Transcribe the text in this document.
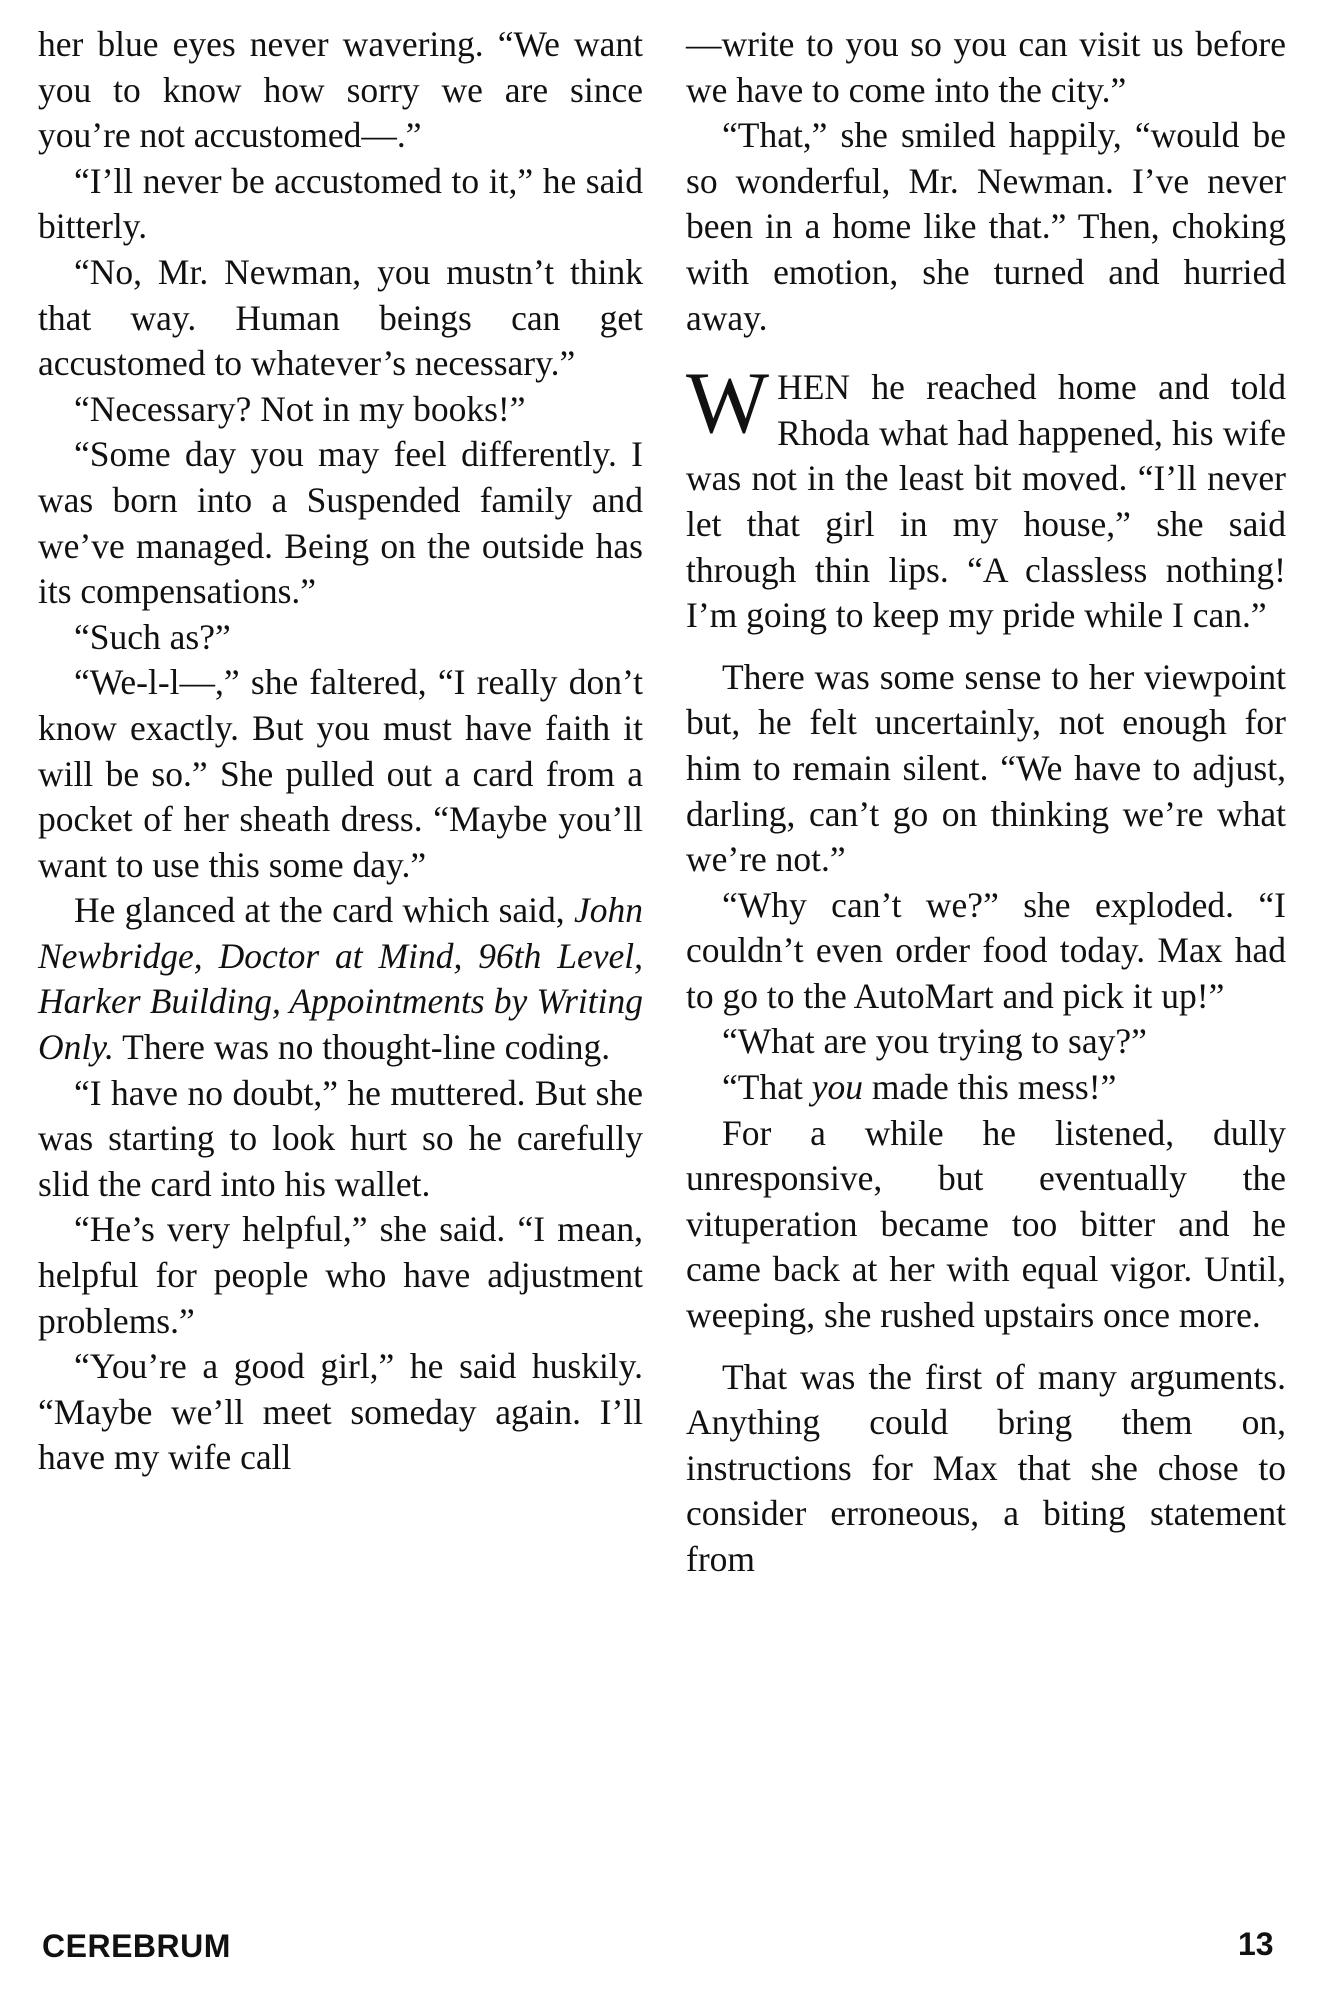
her blue eyes never wavering. “We want you to know how sorry we are since you’re not accustomed—.”

“I’ll never be accustomed to it,” he said bitterly.

“No, Mr. Newman, you mustn’t think that way. Human beings can get accustomed to whatever’s necessary.”

“Necessary? Not in my books!”

“Some day you may feel differently. I was born into a Suspended family and we’ve managed. Being on the outside has its compensations.”

“Such as?”

“We-l-l—,” she faltered, “I really don’t know exactly. But you must have faith it will be so.” She pulled out a card from a pocket of her sheath dress. “Maybe you’ll want to use this some day.”

He glanced at the card which said, John Newbridge, Doctor at Mind, 96th Level, Harker Building, Appointments by Writing Only. There was no thought-line coding.

“I have no doubt,” he muttered. But she was starting to look hurt so he carefully slid the card into his wallet.

“He’s very helpful,” she said. “I mean, helpful for people who have adjustment problems.”

“You’re a good girl,” he said huskily. “Maybe we’ll meet someday again. I’ll have my wife call

—write to you so you can visit us before we have to come into the city.”

“That,” she smiled happily, “would be so wonderful, Mr. Newman. I’ve never been in a home like that.” Then, choking with emotion, she turned and hurried away.

WHEN he reached home and told Rhoda what had happened, his wife was not in the least bit moved. “I’ll never let that girl in my house,” she said through thin lips. “A classless nothing! I’m going to keep my pride while I can.”

There was some sense to her viewpoint but, he felt uncertainly, not enough for him to remain silent. “We have to adjust, darling, can’t go on thinking we’re what we’re not.”

“Why can’t we?” she exploded. “I couldn’t even order food today. Max had to go to the AutoMart and pick it up!”

“What are you trying to say?”

“That you made this mess!”

For a while he listened, dully unresponsive, but eventually the vituperation became too bitter and he came back at her with equal vigor. Until, weeping, she rushed upstairs once more.

That was the first of many arguments. Anything could bring them on, instructions for Max that she chose to consider erroneous, a biting statement from

CEREBRUM	13
